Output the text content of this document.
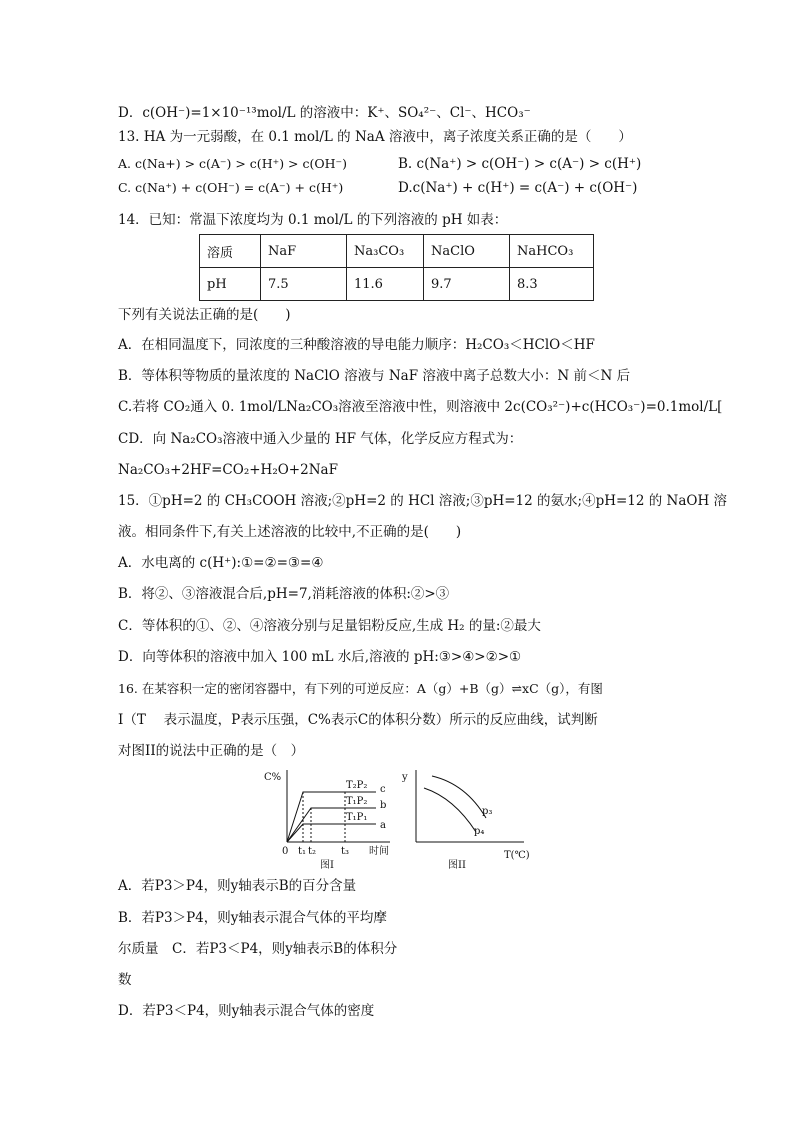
D．c(OH⁻)=1×10⁻¹³mol/L 的溶液中：K⁺、SO₄²⁻、Cl⁻、HCO₃⁻
13. HA 为一元弱酸，在 0.1 mol/L 的 NaA 溶液中，离子浓度关系正确的是（　　）
A. c(Na+) > c(A⁻) > c(H⁺) > c(OH⁻)	B. c(Na⁺) > c(OH⁻) > c(A⁻) > c(H⁺)
C. c(Na⁺) + c(OH⁻) = c(A⁻) + c(H⁺)	D.c(Na⁺) + c(H⁺) = c(A⁻) + c(OH⁻)
14．已知：常温下浓度均为 0.1 mol/L 的下列溶液的 pH 如表：
溶质	NaF	Na₃CO₃	NaClO	NaHCO₃
pH	7.5	11.6	9.7	8.3
下列有关说法正确的是(　　)
A．在相同温度下，同浓度的三种酸溶液的导电能力顺序：H₂CO₃＜HClO＜HF
B．等体积等物质的量浓度的 NaClO 溶液与 NaF 溶液中离子总数大小：N 前＜N 后
C.若将 CO₂通入 0. 1mol/LNa₂CO₃溶液至溶液中性，则溶液中 2c(CO₃²⁻)+c(HCO₃⁻)=0.1mol/L[
CD．向 Na₂CO₃溶液中通入少量的 HF 气体，化学反应方程式为：
Na₂CO₃+2HF=CO₂+H₂O+2NaF
15．①pH=2 的 CH₃COOH 溶液;②pH=2 的 HCl 溶液;③pH=12 的氨水;④pH=12 的 NaOH 溶
液。相同条件下,有关上述溶液的比较中,不正确的是(　　)
A．水电离的 c(H⁺):①=②=③=④
B．将②、③溶液混合后,pH=7,消耗溶液的体积:②>③
C．等体积的①、②、④溶液分别与足量铝粉反应,生成 H₂ 的量:②最大
D．向等体积的溶液中加入 100 mL 水后,溶液的 pH:③>④>②>①
16. 在某容积一定的密闭容器中，有下列的可逆反应：A（g）+B（g）⇌xC（g），有图
I（T　 表示温度，P表示压强，C%表示C的体积分数）所示的反应曲线，试判断
对图II的说法中正确的是（　）
C%
T₂P₂
T₁P₂
T₁P₁
c
b
a
0 t₁ t₂ t₃ 时间
图I
y
p₃
p₄
T(℃)
图II
A．若P3＞P4，则y轴表示B的百分含量
B．若P3＞P4，则y轴表示混合气体的平均摩
尔质量　C．若P3＜P4，则y轴表示B的体积分
数
D．若P3＜P4，则y轴表示混合气体的密度
